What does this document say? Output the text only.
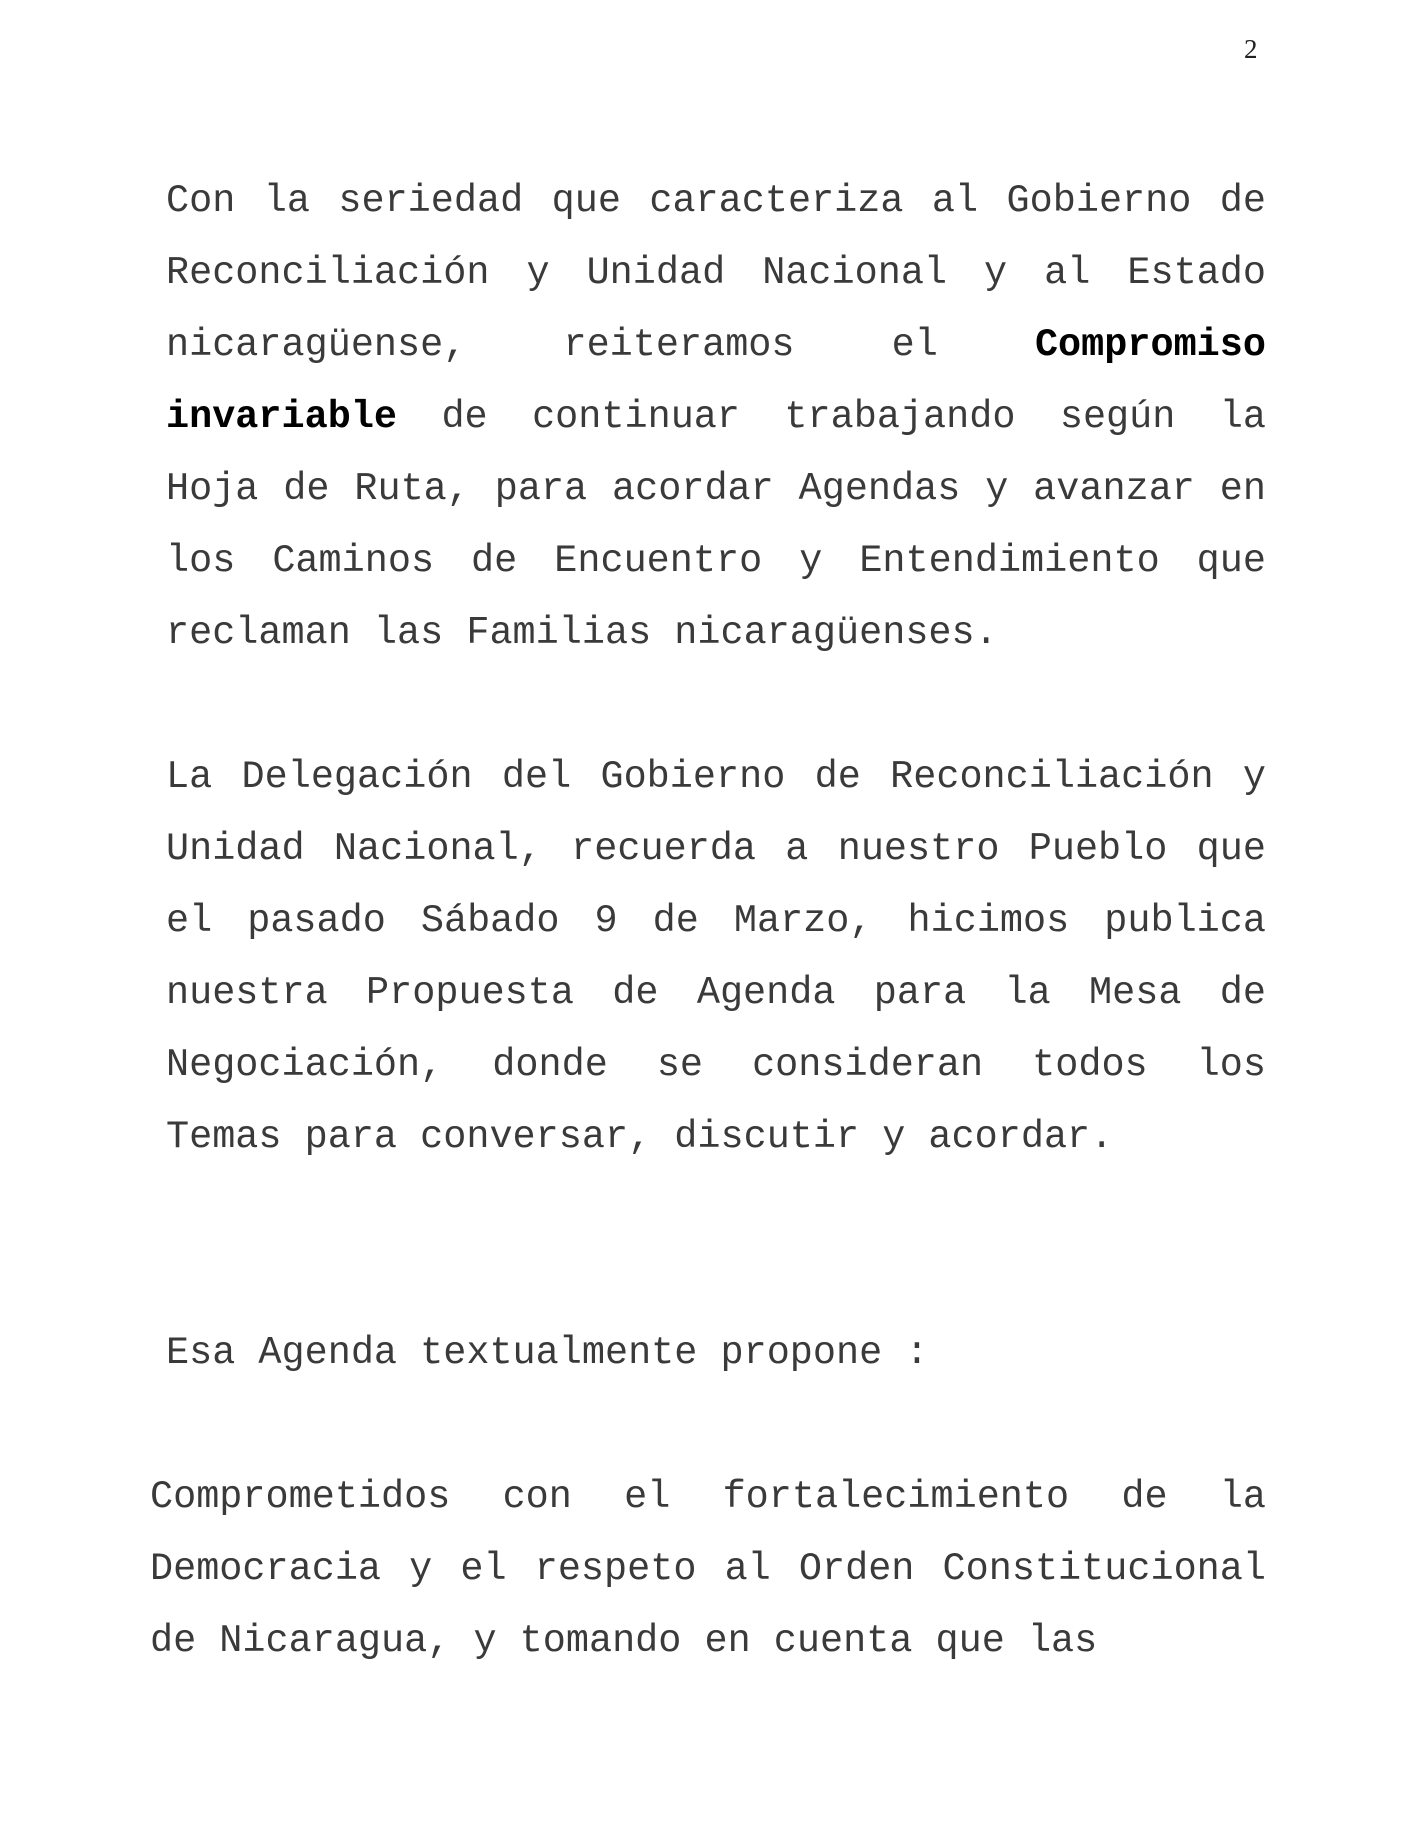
2

Con la seriedad que caracteriza al Gobierno de Reconciliación y Unidad Nacional y al Estado nicaragüense, reiteramos el Compromiso invariable de continuar trabajando según la Hoja de Ruta, para acordar Agendas y avanzar en los Caminos de Encuentro y Entendimiento que reclaman las Familias nicaragüenses.

La Delegación del Gobierno de Reconciliación y Unidad Nacional, recuerda a nuestro Pueblo que el pasado Sábado 9 de Marzo, hicimos publica nuestra Propuesta de Agenda para la Mesa de Negociación, donde se consideran todos los Temas para conversar, discutir y acordar.

Esa Agenda textualmente propone :

Comprometidos con el fortalecimiento de la Democracia y el respeto al Orden Constitucional de Nicaragua, y tomando en cuenta que las
